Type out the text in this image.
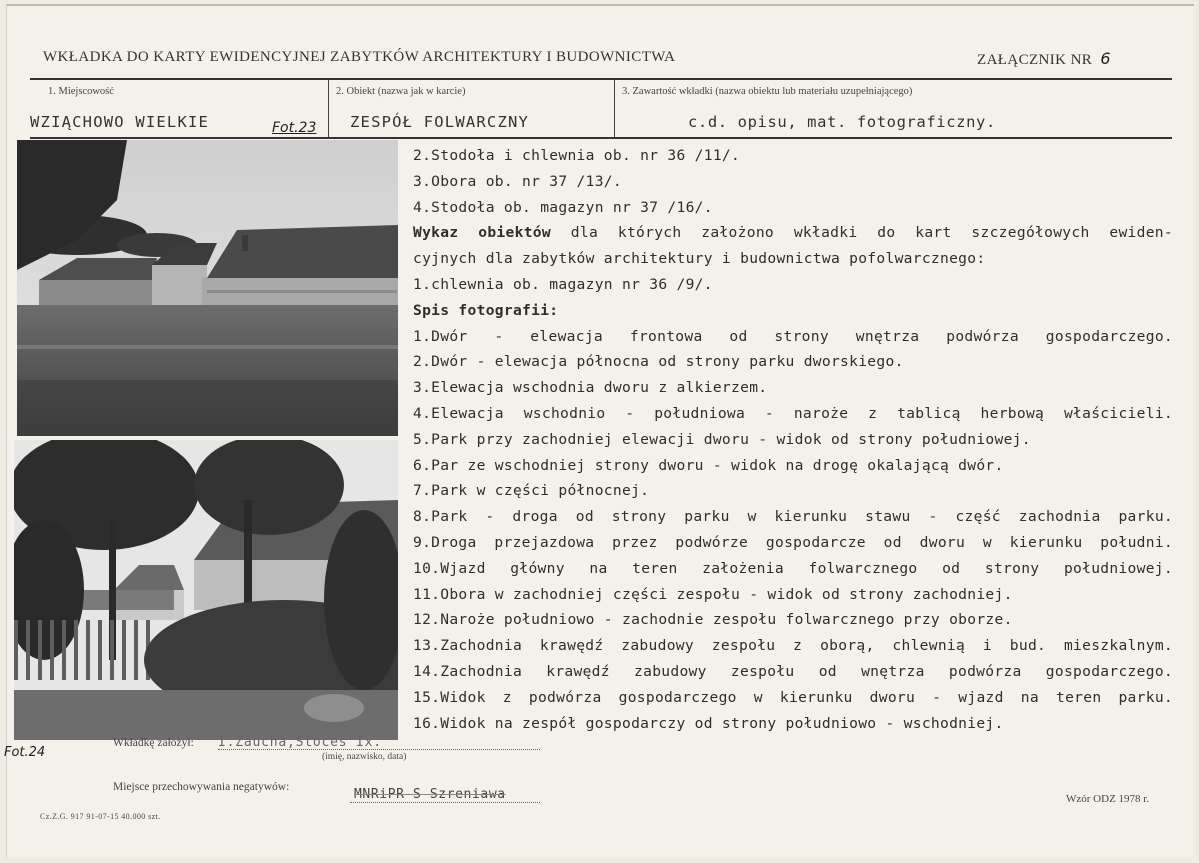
WKŁADKA DO KARTY EWIDENCYJNEJ ZABYTKÓW ARCHITEKTURY I BUDOWNICTWA	ZAŁĄCZNIK NR 6
1. Miejscowość
WZIĄCHOWO WIELKIE	Fot.23
2. Obiekt (nazwa jak w karcie)
ZESPÓŁ FOLWARCZNY
3. Zawartość wkładki (nazwa obiektu lub materiału uzupełniającego)
c.d. opisu, mat. fotograficzny.
Fot.24
2.Stodoła i chlewnia ob. nr 36 /11/.
3.Obora ob. nr 37 /13/.
4.Stodoła ob. magazyn nr 37 /16/.
Wykaz obiektów dla których założono wkładki do kart szczegółowych ewiden-
cyjnych dla zabytków architektury i budownictwa pofolwarcznego:
1.chlewnia ob. magazyn nr 36 /9/.
Spis fotografii:
1.Dwór - elewacja frontowa od strony wnętrza podwórza gospodarczego.
2.Dwór - elewacja północna od strony parku dworskiego.
3.Elewacja wschodnia dworu z alkierzem.
4.Elewacja wschodnio - południowa - naroże z tablicą herbową właścicieli.
5.Park przy zachodniej elewacji dworu - widok od strony południowej.
6.Par ze wschodniej strony dworu - widok na drogę okalającą dwór.
7.Park w części północnej.
8.Park - droga od strony parku w kierunku stawu - część zachodnia parku.
9.Droga przejazdowa przez podwórze gospodarcze od dworu w kierunku południ.
10.Wjazd główny na teren założenia folwarcznego od strony południowej.
11.Obora w zachodniej części zespołu - widok od strony zachodniej.
12.Naroże południowo - zachodnie zespołu folwarcznego przy oborze.
13.Zachodnia krawędź zabudowy zespołu z oborą, chlewnią i bud. mieszkalnym.
14.Zachodnia krawędź zabudowy zespołu od wnętrza podwórza gospodarczego.
15.Widok z podwórza gospodarczego w kierunku dworu - wjazd na teren parku.
16.Widok na zespół gospodarczy od strony południowo - wschodniej.
Wkładkę założył: I.Zaucha,Stoces Ix.
(imię, nazwisko, data)
Miejsce przechowywania negatywów:	MNRiPR-S Szreniawa
Cz.Z.G. 917 91-07-15 40.000 szt.
Wzór ODZ 1978 r.
